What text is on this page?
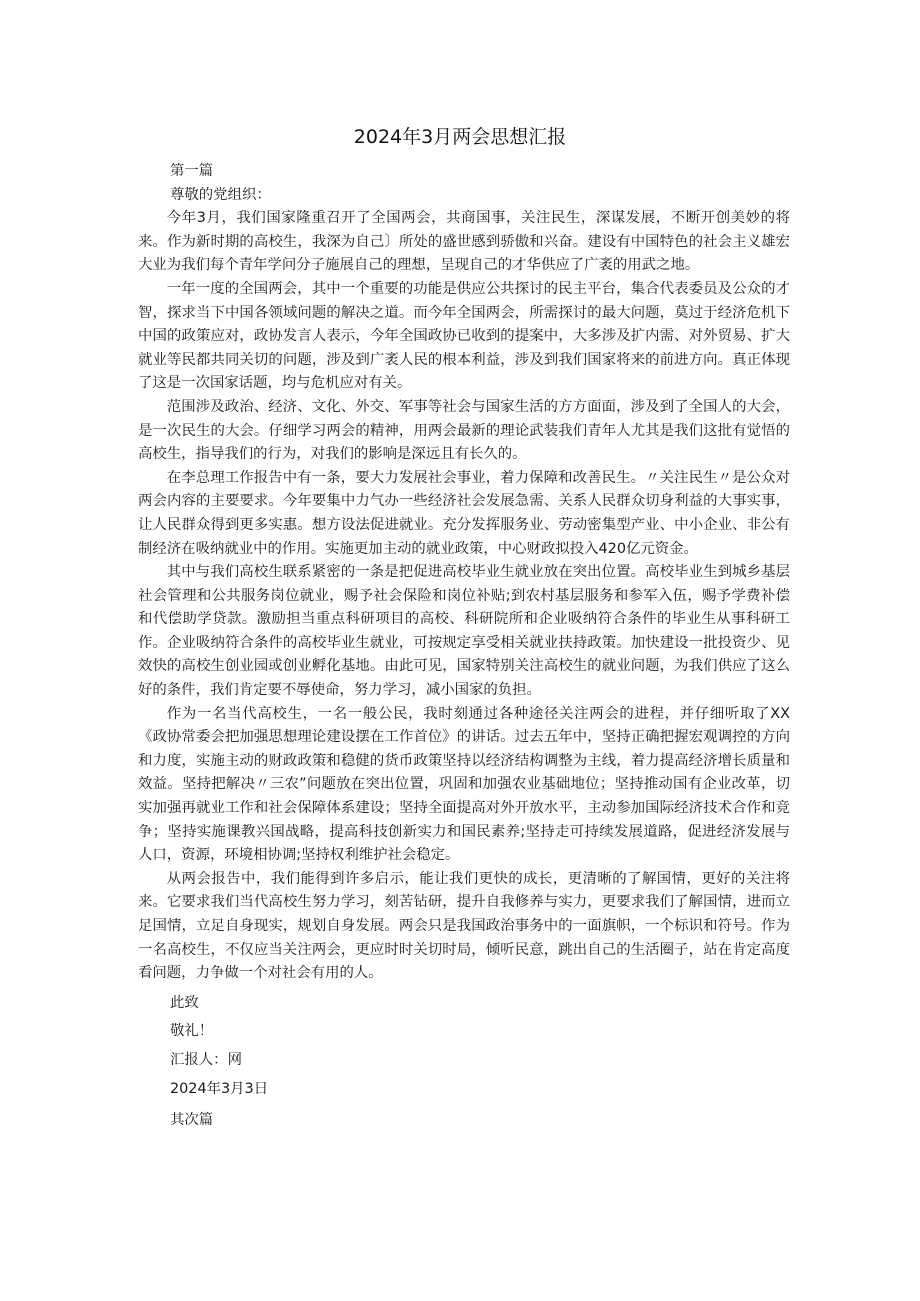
2024年3月两会思想汇报

第一篇

尊敬的党组织：

今年3月，我们国家隆重召开了全国两会，共商国事，关注民生，深谋发展，不断开创美妙的将来。作为新时期的高校生，我深为自己〕所处的盛世感到骄傲和兴奋。建设有中国特色的社会主义雄宏大业为我们每个青年学问分子施展自己的理想，呈现自己的才华供应了广袤的用武之地。

一年一度的全国两会，其中一个重要的功能是供应公共探讨的民主平台，集合代表委员及公众的才智，探求当下中国各领域问题的解决之道。而今年全国两会，所需探讨的最大问题，莫过于经济危机下中国的政策应对，政协发言人表示，今年全国政协已收到的提案中，大多涉及扩内需、对外贸易、扩大就业等民都共同关切的问题，涉及到广袤人民的根本利益，涉及到我们国家将来的前进方向。真正体现了这是一次国家话题，均与危机应对有关。

范围涉及政治、经济、文化、外交、军事等社会与国家生活的方方面面，涉及到了全国人的大会，是一次民生的大会。仔细学习两会的精神，用两会最新的理论武装我们青年人尤其是我们这批有觉悟的高校生，指导我们的行为，对我们的影响是深远且有长久的。

在李总理工作报告中有一条，要大力发展社会事业，着力保障和改善民生。〃关注民生〃是公众对两会内容的主要要求。今年要集中力气办一些经济社会发展急需、关系人民群众切身利益的大事实事，让人民群众得到更多实惠。想方设法促进就业。充分发挥服务业、劳动密集型产业、中小企业、非公有制经济在吸纳就业中的作用。实施更加主动的就业政策，中心财政拟投入420亿元资金。

其中与我们高校生联系紧密的一条是把促进高校毕业生就业放在突出位置。高校毕业生到城乡基层社会管理和公共服务岗位就业，赐予社会保险和岗位补贴;到农村基层服务和参军入伍，赐予学费补偿和代偿助学贷款。激励担当重点科研项目的高校、科研院所和企业吸纳符合条件的毕业生从事科研工作。企业吸纳符合条件的高校毕业生就业，可按规定享受相关就业扶持政策。加快建设一批投资少、见效快的高校生创业园或创业孵化基地。由此可见，国家特别关注高校生的就业问题，为我们供应了这么好的条件，我们肯定要不辱使命，努力学习，减小国家的负担。

作为一名当代高校生，一名一般公民，我时刻通过各种途径关注两会的进程，并仔细听取了XX《政协常委会把加强思想理论建设摆在工作首位》的讲话。过去五年中，坚持正确把握宏观调控的方向和力度，实施主动的财政政策和稳健的货币政策坚持以经济结构调整为主线，着力提高经济增长质量和效益。坚持把解决〃三农”问题放在突出位置，巩固和加强农业基础地位；坚持推动国有企业改革，切实加强再就业工作和社会保障体系建设；坚持全面提高对外开放水平，主动参加国际经济技术合作和竞争；坚持实施课教兴国战略，提高科技创新实力和国民素养;坚持走可持续发展道路，促进经济发展与人口，资源，环境相协调;坚持权利维护社会稳定。

从两会报告中，我们能得到许多启示，能让我们更快的成长，更清晰的了解国情，更好的关注将来。它要求我们当代高校生努力学习，刻苦钻研，提升自我修养与实力，更要求我们了解国情，进而立足国情，立足自身现实，规划自身发展。两会只是我国政治事务中的一面旗帜，一个标识和符号。作为一名高校生，不仅应当关注两会，更应时时关切时局，倾听民意，跳出自己的生活圈子，站在肯定高度看问题，力争做一个对社会有用的人。

此致

敬礼！

汇报人：网

2024年3月3日

其次篇
